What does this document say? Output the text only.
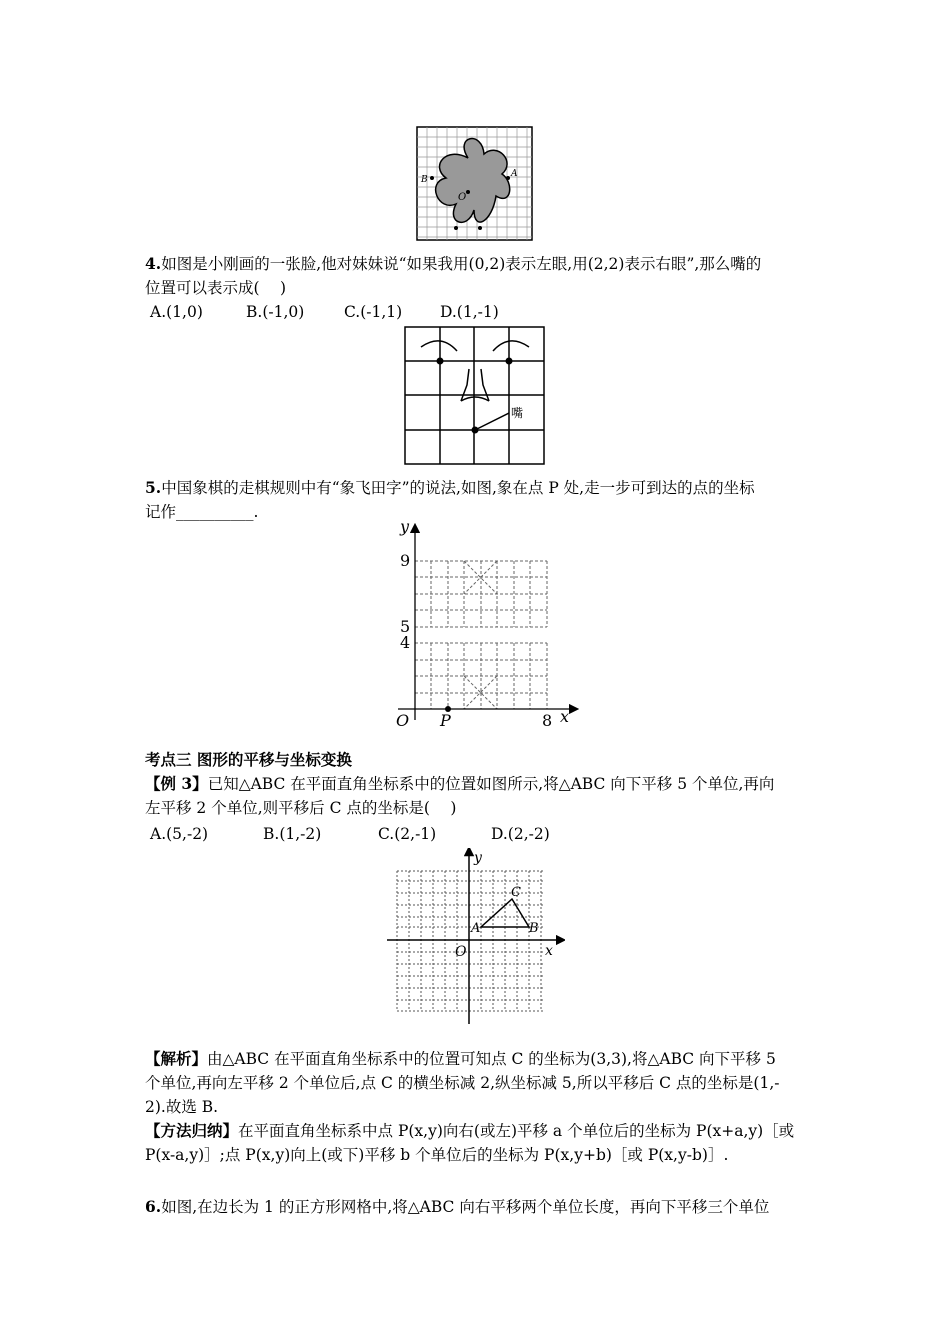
A
B
O
4.如图是小刚画的一张脸,他对妹妹说“如果我用(0,2)表示左眼,用(2,2)表示右眼”,那么嘴的
位置可以表示成(　 )
A.(1,0)	B.(-1,0)	C.(-1,1) D.(1,-1)
嘴
5.中国象棋的走棋规则中有“象飞田字”的说法,如图,象在点 P 处,走一步可到达的点的坐标
记作__________.
y
x
O P
9
5
4
8
考点三 图形的平移与坐标变换
【例 3】已知△ABC 在平面直角坐标系中的位置如图所示,将△ABC 向下平移 5 个单位,再向
左平移 2 个单位,则平移后 C 点的坐标是(　 )
A.(5,-2)	B.(1,-2)	C.(2,-1)	D.(2,-2)
y
x
O
A	B
C
【解析】由△ABC 在平面直角坐标系中的位置可知点 C 的坐标为(3,3),将△ABC 向下平移 5
个单位,再向左平移 2 个单位后,点 C 的横坐标减 2,纵坐标减 5,所以平移后 C 点的坐标是(1,-
2).故选 B.
【方法归纳】在平面直角坐标系中点 P(x,y)向右(或左)平移 a 个单位后的坐标为 P(x+a,y)［或
P(x-a,y)］;点 P(x,y)向上(或下)平移 b 个单位后的坐标为 P(x,y+b)［或 P(x,y-b)］.
6.如图,在边长为 1 的正方形网格中,将△ABC 向右平移两个单位长度，再向下平移三个单位
